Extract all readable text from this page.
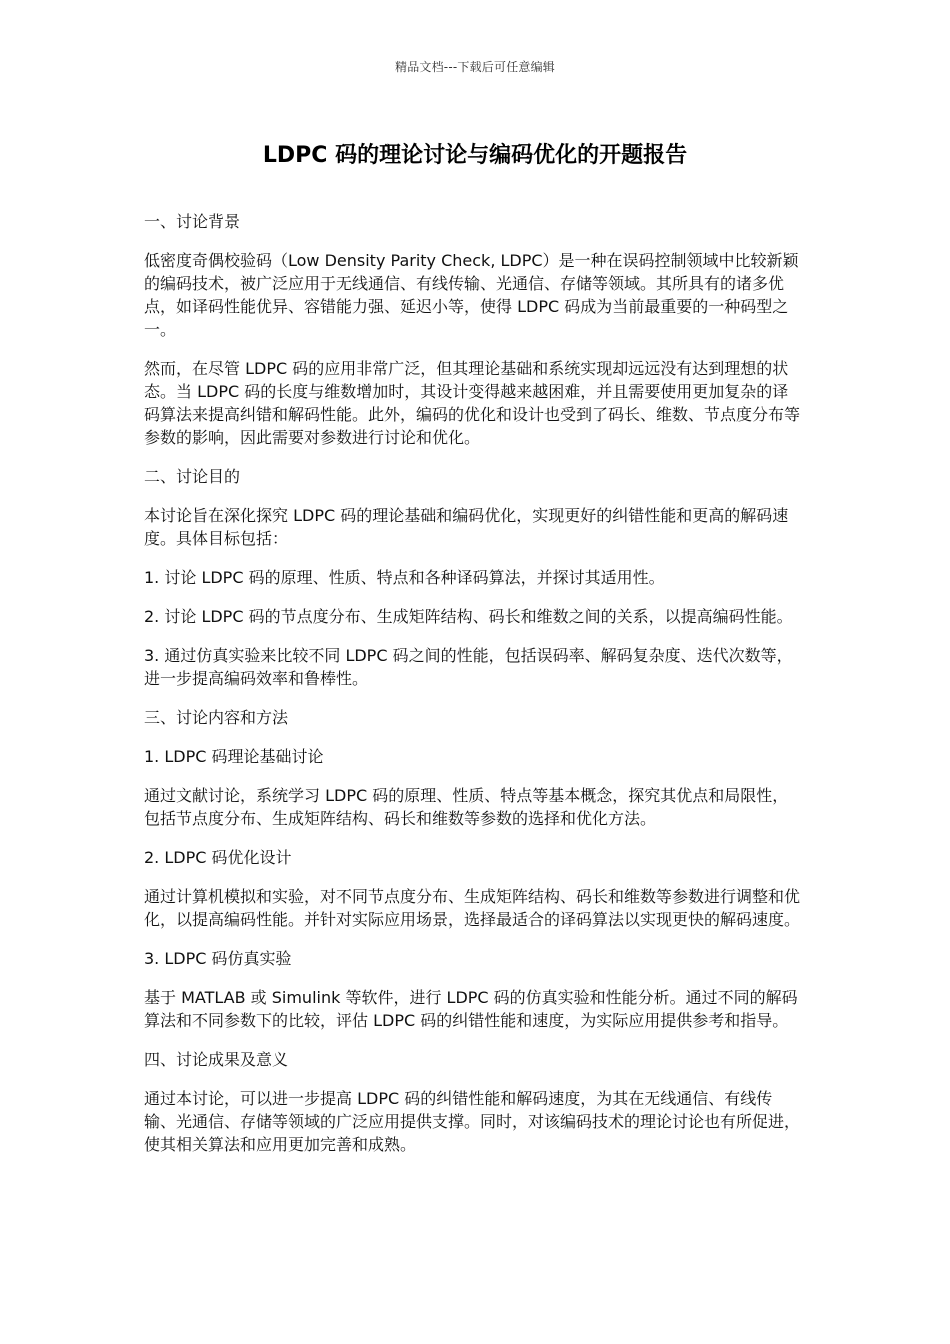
精品文档---下载后可任意编辑
LDPC 码的理论讨论与编码优化的开题报告

一、讨论背景

低密度奇偶校验码（Low Density Parity Check, LDPC）是一种在误码控制领域中比较新颖的编码技术，被广泛应用于无线通信、有线传输、光通信、存储等领域。其所具有的诸多优点，如译码性能优异、容错能力强、延迟小等，使得 LDPC 码成为当前最重要的一种码型之一。

然而，在尽管 LDPC 码的应用非常广泛，但其理论基础和系统实现却远远没有达到理想的状态。当 LDPC 码的长度与维数增加时，其设计变得越来越困难，并且需要使用更加复杂的译码算法来提高纠错和解码性能。此外，编码的优化和设计也受到了码长、维数、节点度分布等参数的影响，因此需要对参数进行讨论和优化。

二、讨论目的

本讨论旨在深化探究 LDPC 码的理论基础和编码优化，实现更好的纠错性能和更高的解码速度。具体目标包括：

1. 讨论 LDPC 码的原理、性质、特点和各种译码算法，并探讨其适用性。

2. 讨论 LDPC 码的节点度分布、生成矩阵结构、码长和维数之间的关系，以提高编码性能。

3. 通过仿真实验来比较不同 LDPC 码之间的性能，包括误码率、解码复杂度、迭代次数等，进一步提高编码效率和鲁棒性。

三、讨论内容和方法

1. LDPC 码理论基础讨论

通过文献讨论，系统学习 LDPC 码的原理、性质、特点等基本概念，探究其优点和局限性，包括节点度分布、生成矩阵结构、码长和维数等参数的选择和优化方法。

2. LDPC 码优化设计

通过计算机模拟和实验，对不同节点度分布、生成矩阵结构、码长和维数等参数进行调整和优化，以提高编码性能。并针对实际应用场景，选择最适合的译码算法以实现更快的解码速度。

3. LDPC 码仿真实验

基于 MATLAB 或 Simulink 等软件，进行 LDPC 码的仿真实验和性能分析。通过不同的解码算法和不同参数下的比较，评估 LDPC 码的纠错性能和速度，为实际应用提供参考和指导。

四、讨论成果及意义

通过本讨论，可以进一步提高 LDPC 码的纠错性能和解码速度，为其在无线通信、有线传输、光通信、存储等领域的广泛应用提供支撑。同时，对该编码技术的理论讨论也有所促进，使其相关算法和应用更加完善和成熟。
